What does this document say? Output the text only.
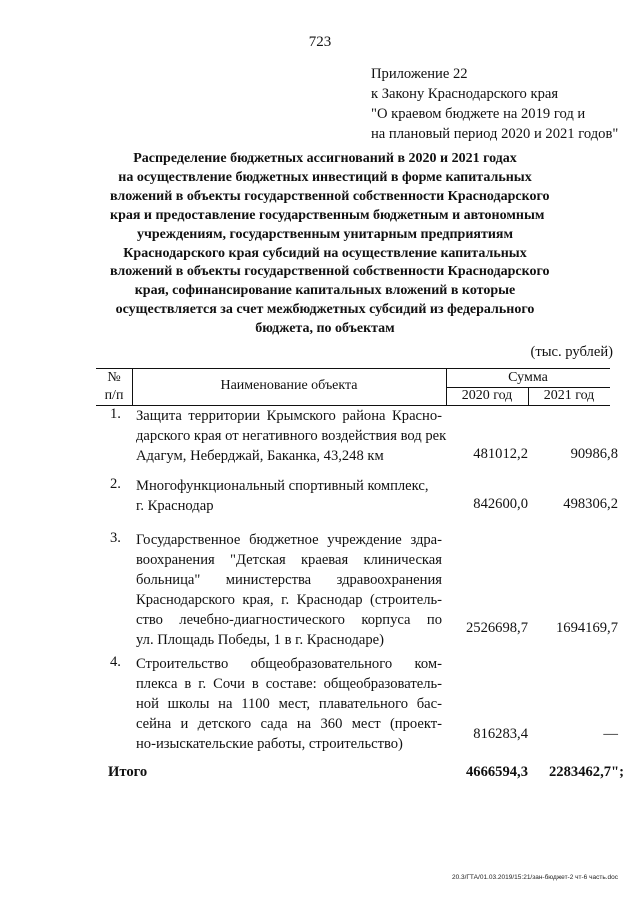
723
Приложение 22
к Закону Краснодарского края
"О краевом бюджете на 2019 год и
на плановый период 2020 и 2021 годов"
Распределение бюджетных ассигнований в 2020 и 2021 годах
на осуществление бюджетных инвестиций в форме капитальных
вложений в объекты государственной собственности Краснодарского
края и предоставление государственным бюджетным и автономным
учреждениям, государственным унитарным предприятиям
Краснодарского края субсидий на осуществление капитальных
вложений в объекты государственной собственности Краснодарского
края, софинансирование капитальных вложений в которые
осуществляется за счет межбюджетных субсидий из федерального
бюджета, по объектам
(тыс. рублей)
№
п/п
Наименование объекта
Сумма
2020 год	2021 год
1.	Защита территории Крымского района Красно-
дарского края от негативного воздействия вод рек
Адагум, Неберджай, Баканка, 43,248 км	481012,2	90986,8
2.	Многофункциональный спортивный комплекс,
г. Краснодар	842600,0 498306,2
3.	Государственное бюджетное учреждение здра-
воохранения "Детская краевая клиническая
больница" министерства здравоохранения
Краснодарского края, г. Краснодар (строитель-
ство лечебно-диагностического корпуса по
ул. Площадь Победы, 1 в г. Краснодаре)
2526698,7 1694169,7
4.	Строительство общеобразовательного ком-
плекса в г. Сочи в составе: общеобразователь-
ной школы на 1100 мест, плавательного бас-
сейна и детского сада на 360 мест (проект-
но-изыскательские работы, строительство)
816283,4	—
Итого	4666594,3 2283462,7";
20.3/ГТА/01.03.2019/15:21/зан-бюджет-2 чт-6 часть.doc
